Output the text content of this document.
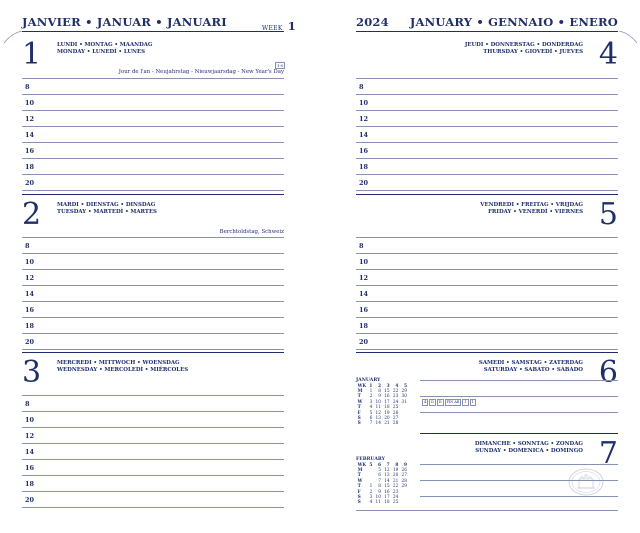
JANVIER • JANUAR • JANUARI	WEEK 1	2024 JANUARY • GENNAIO • ENERO
1	LUNDI • MONTAG • MAANDAG
MONDAY • LUNEDÌ • LUNES
1-0
Jour de l'an - Neujahrstag - Nieuwjaarsdag - New Year's Day
2	MARDI • DIENSTAG • DINSDAG
TUESDAY • MARTEDÌ • MARTES
Berchtoldstag, Schweiz
3	MERCREDI • MITTWOCH • WOENSDAG
WEDNESDAY • MERCOLEDÌ • MIÉRCOLES
JEUDI • DONNERSTAG • DONDERDAG
THURSDAY • GIOVEDÌ • JUEVES 4
VENDREDI • FREITAG • VRIJDAG
FRIDAY • VENERDÌ • VIERNES 5
SAMEDI • SAMSTAG • ZATERDAG
SATURDAY • SABATO • SÁBADO 6
DIMANCHE • SONNTAG • ZONDAG
SUNDAY • DOMENICA • DOMINGO 7
4 D II FIN AR 1 1
JANUARY
WK	1	2	3	4	5
M	1	8	15	22	29
T	2	9	16	23	30
W	3	10	17	24	31
T	4	11	18	25	
F	5	12	19	26	
S	6	13	20	27	
S	7	14	21	28	
FEBRUARY
WK	5	6	7	8	9
M		5	12	19	26
T		6	13	20	27
W		7	14	21	28
T	1	8	15	22	29
F	2	9	16	23	
S	3	10	17	24	
S	4	11	18	25	
8
10
12
14
16
18
20
8
10
12
14
16
18
20
8
10
12
14
16
18
20
8
10
12
14
16
18
20
8
10
12
14
16
18
20
